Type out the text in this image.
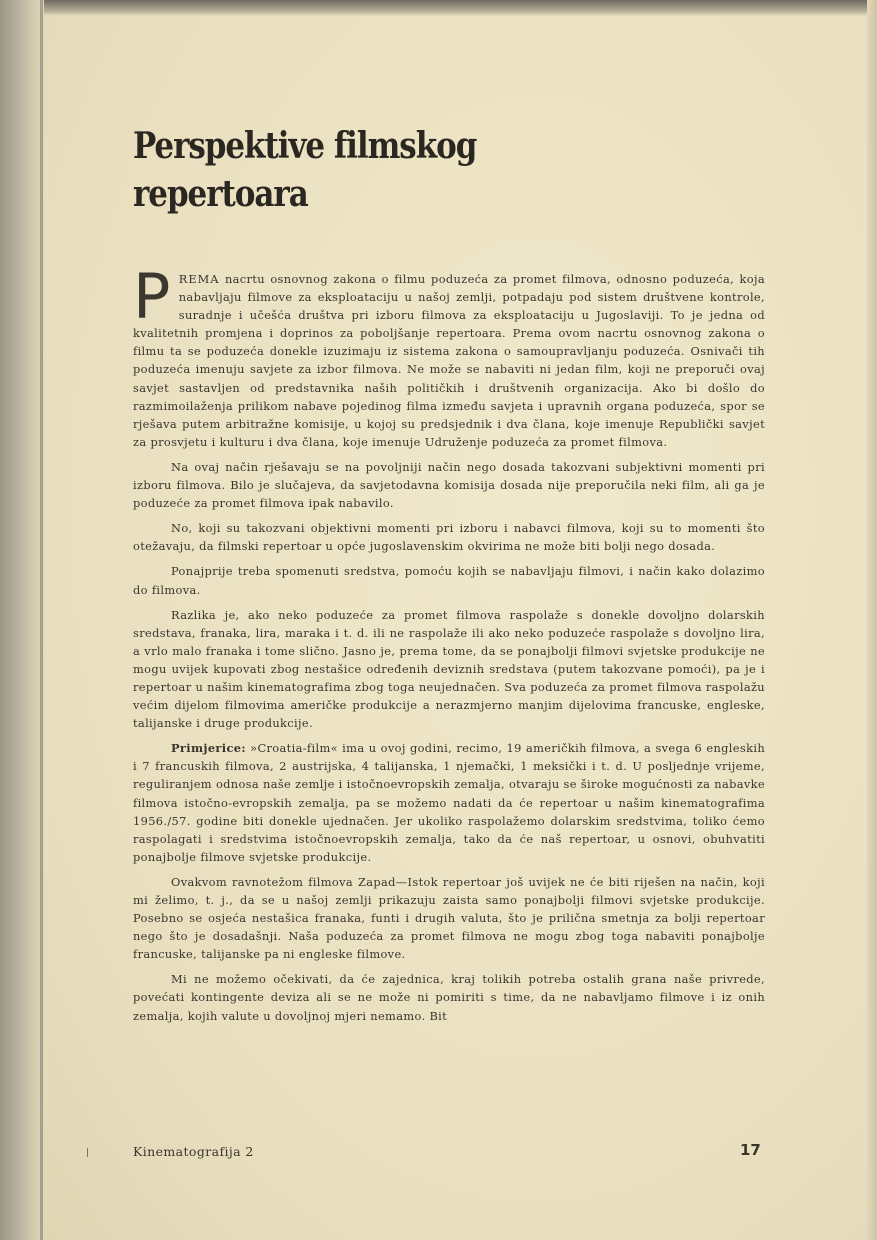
Perspektive filmskog
repertoara

PREMA nacrtu osnovnog zakona o filmu poduzeća za promet filmova, odnosno poduzeća, koja nabavljaju filmove za eksploataciju u našoj zemlji, potpadaju pod sistem društvene kontrole, suradnje i učešća društva pri izboru filmova za eksploataciju u Jugoslaviji. To je jedna od kvalitetnih promjena i doprinos za poboljšanje repertoara. Prema ovom nacrtu osnovnog zakona o filmu ta se poduzeća donekle izuzimaju iz sistema zakona o samoupravljanju poduzeća. Osnivači tih poduzeća imenuju savjete za izbor filmova. Ne može se nabaviti ni jedan film, koji ne preporuči ovaj savjet sastavljen od predstavnika naših političkih i društvenih organizacija. Ako bi došlo do razmimoilaženja prilikom nabave pojedinog filma između savjeta i upravnih organa poduzeća, spor se rješava putem arbitražne komisije, u kojoj su predsjednik i dva člana, koje imenuje Republički savjet za prosvjetu i kulturu i dva člana, koje imenuje Udruženje poduzeća za promet filmova.

Na ovaj način rješavaju se na povoljniji način nego dosada takozvani subjektivni momenti pri izboru filmova. Bilo je slučajeva, da savjetodavna komisija dosada nije preporučila neki film, ali ga je poduzeće za promet filmova ipak nabavilo.

No, koji su takozvani objektivni momenti pri izboru i nabavci filmova, koji su to momenti što otežavaju, da filmski repertoar u opće jugoslavenskim okvirima ne može biti bolji nego dosada.

Ponajprije treba spomenuti sredstva, pomoću kojih se nabavljaju filmovi, i način kako dolazimo do filmova.

Razlika je, ako neko poduzeće za promet filmova raspolaže s donekle dovoljno dolarskih sredstava, franaka, lira, maraka i t. d. ili ne raspolaže ili ako neko poduzeće raspolaže s dovoljno lira, a vrlo malo franaka i tome slično. Jasno je, prema tome, da se ponajbolji filmovi svjetske produkcije ne mogu uvijek kupovati zbog nestašice određenih deviznih sredstava (putem takozvane pomoći), pa je i repertoar u našim kinematografima zbog toga neujednačen. Sva poduzeća za promet filmova raspolažu većim dijelom filmovima američke produkcije a nerazmjerno manjim dijelovima francuske, engleske, talijanske i druge produkcije.

Primjerice: »Croatia-film« ima u ovoj godini, recimo, 19 američkih filmova, a svega 6 engleskih i 7 francuskih filmova, 2 austrijska, 4 talijanska, 1 njemački, 1 meksički i t. d. U posljednje vrijeme, reguliranjem odnosa naše zemlje i istočnoevropskih zemalja, otvaraju se široke mogućnosti za nabavke filmova istočno-evropskih zemalja, pa se možemo nadati da će repertoar u našim kinematografima 1956./57. godine biti donekle ujednačen. Jer ukoliko raspolažemo dolarskim sredstvima, toliko ćemo raspolagati i sredstvima istočnoevropskih zemalja, tako da će naš repertoar, u osnovi, obuhvatiti ponajbolje filmove svjetske produkcije.

Ovakvom ravnotežom filmova Zapad—Istok repertoar još uvijek ne će biti riješen na način, koji mi želimo, t. j., da se u našoj zemlji prikazuju zaista samo ponajbolji filmovi svjetske produkcije. Posebno se osjeća nestašica franaka, funti i drugih valuta, što je prilična smetnja za bolji repertoar nego što je dosadašnji. Naša poduzeća za promet filmova ne mogu zbog toga nabaviti ponajbolje francuske, talijanske pa ni engleske filmove.

Mi ne možemo očekivati, da će zajednica, kraj tolikih potreba ostalih grana naše privrede, povećati kontingente deviza ali se ne može ni pomiriti s time, da ne nabavljamo filmove i iz onih zemalja, kojih valute u dovoljnoj mjeri nemamo. Bit

Kinematografija 2	17
